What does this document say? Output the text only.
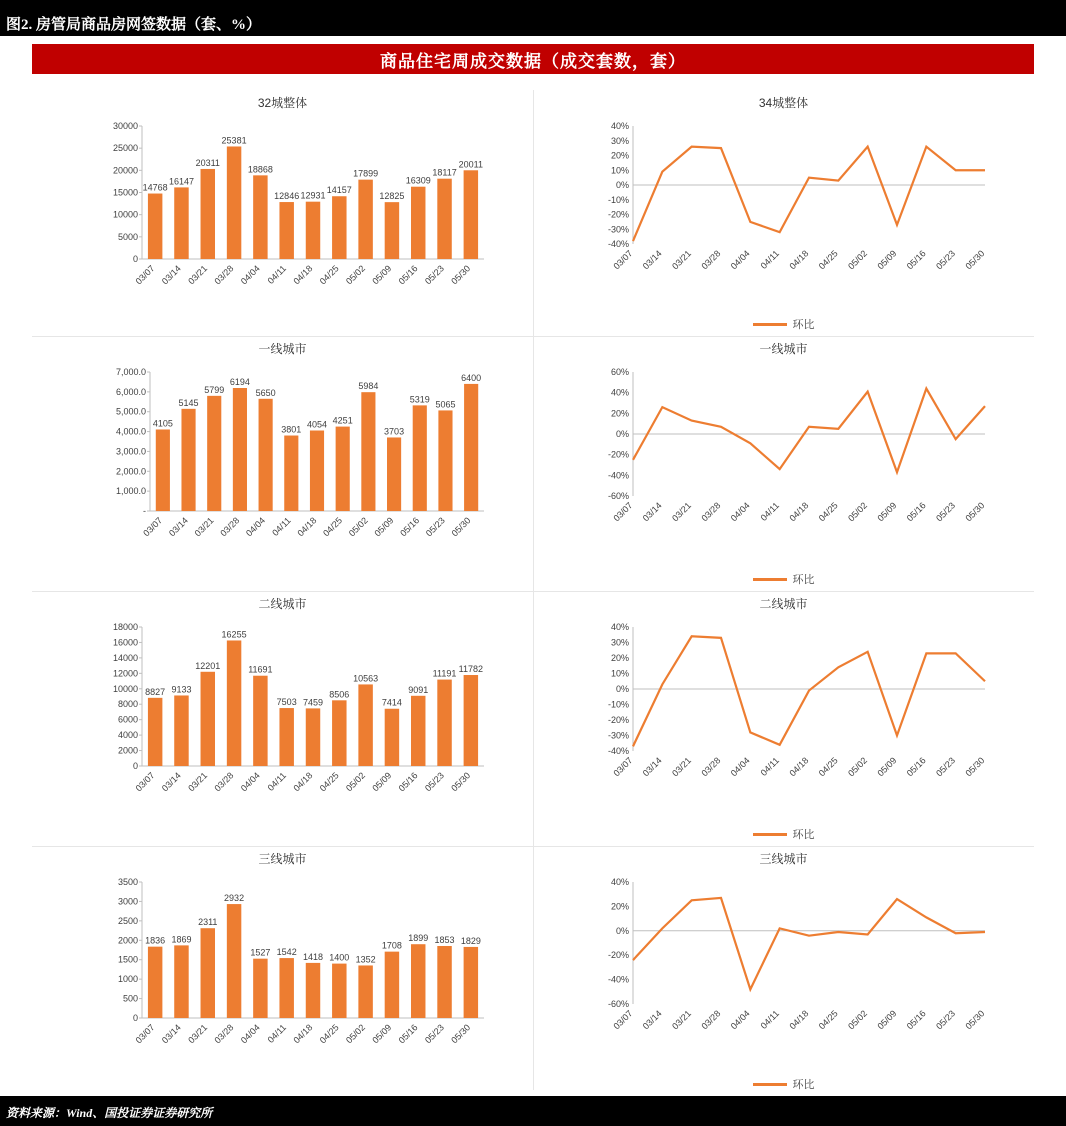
图2. 房管局商品房网签数据（套、%）
商品住宅周成交数据（成交套数，套）
32城整体
0
5000
10000
15000
20000
25000
30000
14768
16147
20311
25381
18868
12846 12931
14157
17899
12825
16309
18117
20011
03/07 03/14 03/21 03/28 04/04 04/11 04/18 04/25 05/02 05/09 05/16 05/23 05/30
34城整体
环比
-40%
-30%
-20%
-10%
0%
10%
20%
30%
40%
03/07 03/14 03/21 03/28 04/04 04/11 04/18 04/25 05/02 05/09 05/16 05/23 05/30
一线城市
-
1,000.0
2,000.0
3,000.0
4,000.0
5,000.0
6,000.0
7,000.0
4105
5145
5799
6194
5650
3801
4054 4251
5984
3703
5319
5065
6400
03/07 03/14 03/21 03/28 04/04 04/11 04/18 04/25 05/02 05/09 05/16 05/23 05/30
一线城市
环比
-60%
-40%
-20%
0%
20%
40%
60%
03/07 03/14 03/21 03/28 04/04 04/11 04/18 04/25 05/02 05/09 05/16 05/23 05/30
二线城市
0
2000
4000
6000
8000
10000
12000
14000
16000
18000
8827 9133
12201
16255
11691
7503 7459
8506
10563
7414
9091
11191 11782
03/07 03/14 03/21 03/28 04/04 04/11 04/18 04/25 05/02 05/09 05/16 05/23 05/30
二线城市
环比
-40%
-30%
-20%
-10%
0%
10%
20%
30%
40%
03/07 03/14 03/21 03/28 04/04 04/11 04/18 04/25 05/02 05/09 05/16 05/23 05/30
三线城市
0
500
1000
1500
2000
2500
3000
3500
1836 1869
2311
2932
1527 1542 1418 1400 1352
1708
1899 1853 1829
03/07 03/14 03/21 03/28 04/04 04/11 04/18 04/25 05/02 05/09 05/16 05/23 05/30
三线城市
环比
40%
20%
0%
-20%
-40%
-60%
03/07 03/14 03/21 03/28 04/04 04/11 04/18 04/25 05/02 05/09 05/16 05/23 05/30
资料来源：Wind、国投证券证券研究所
